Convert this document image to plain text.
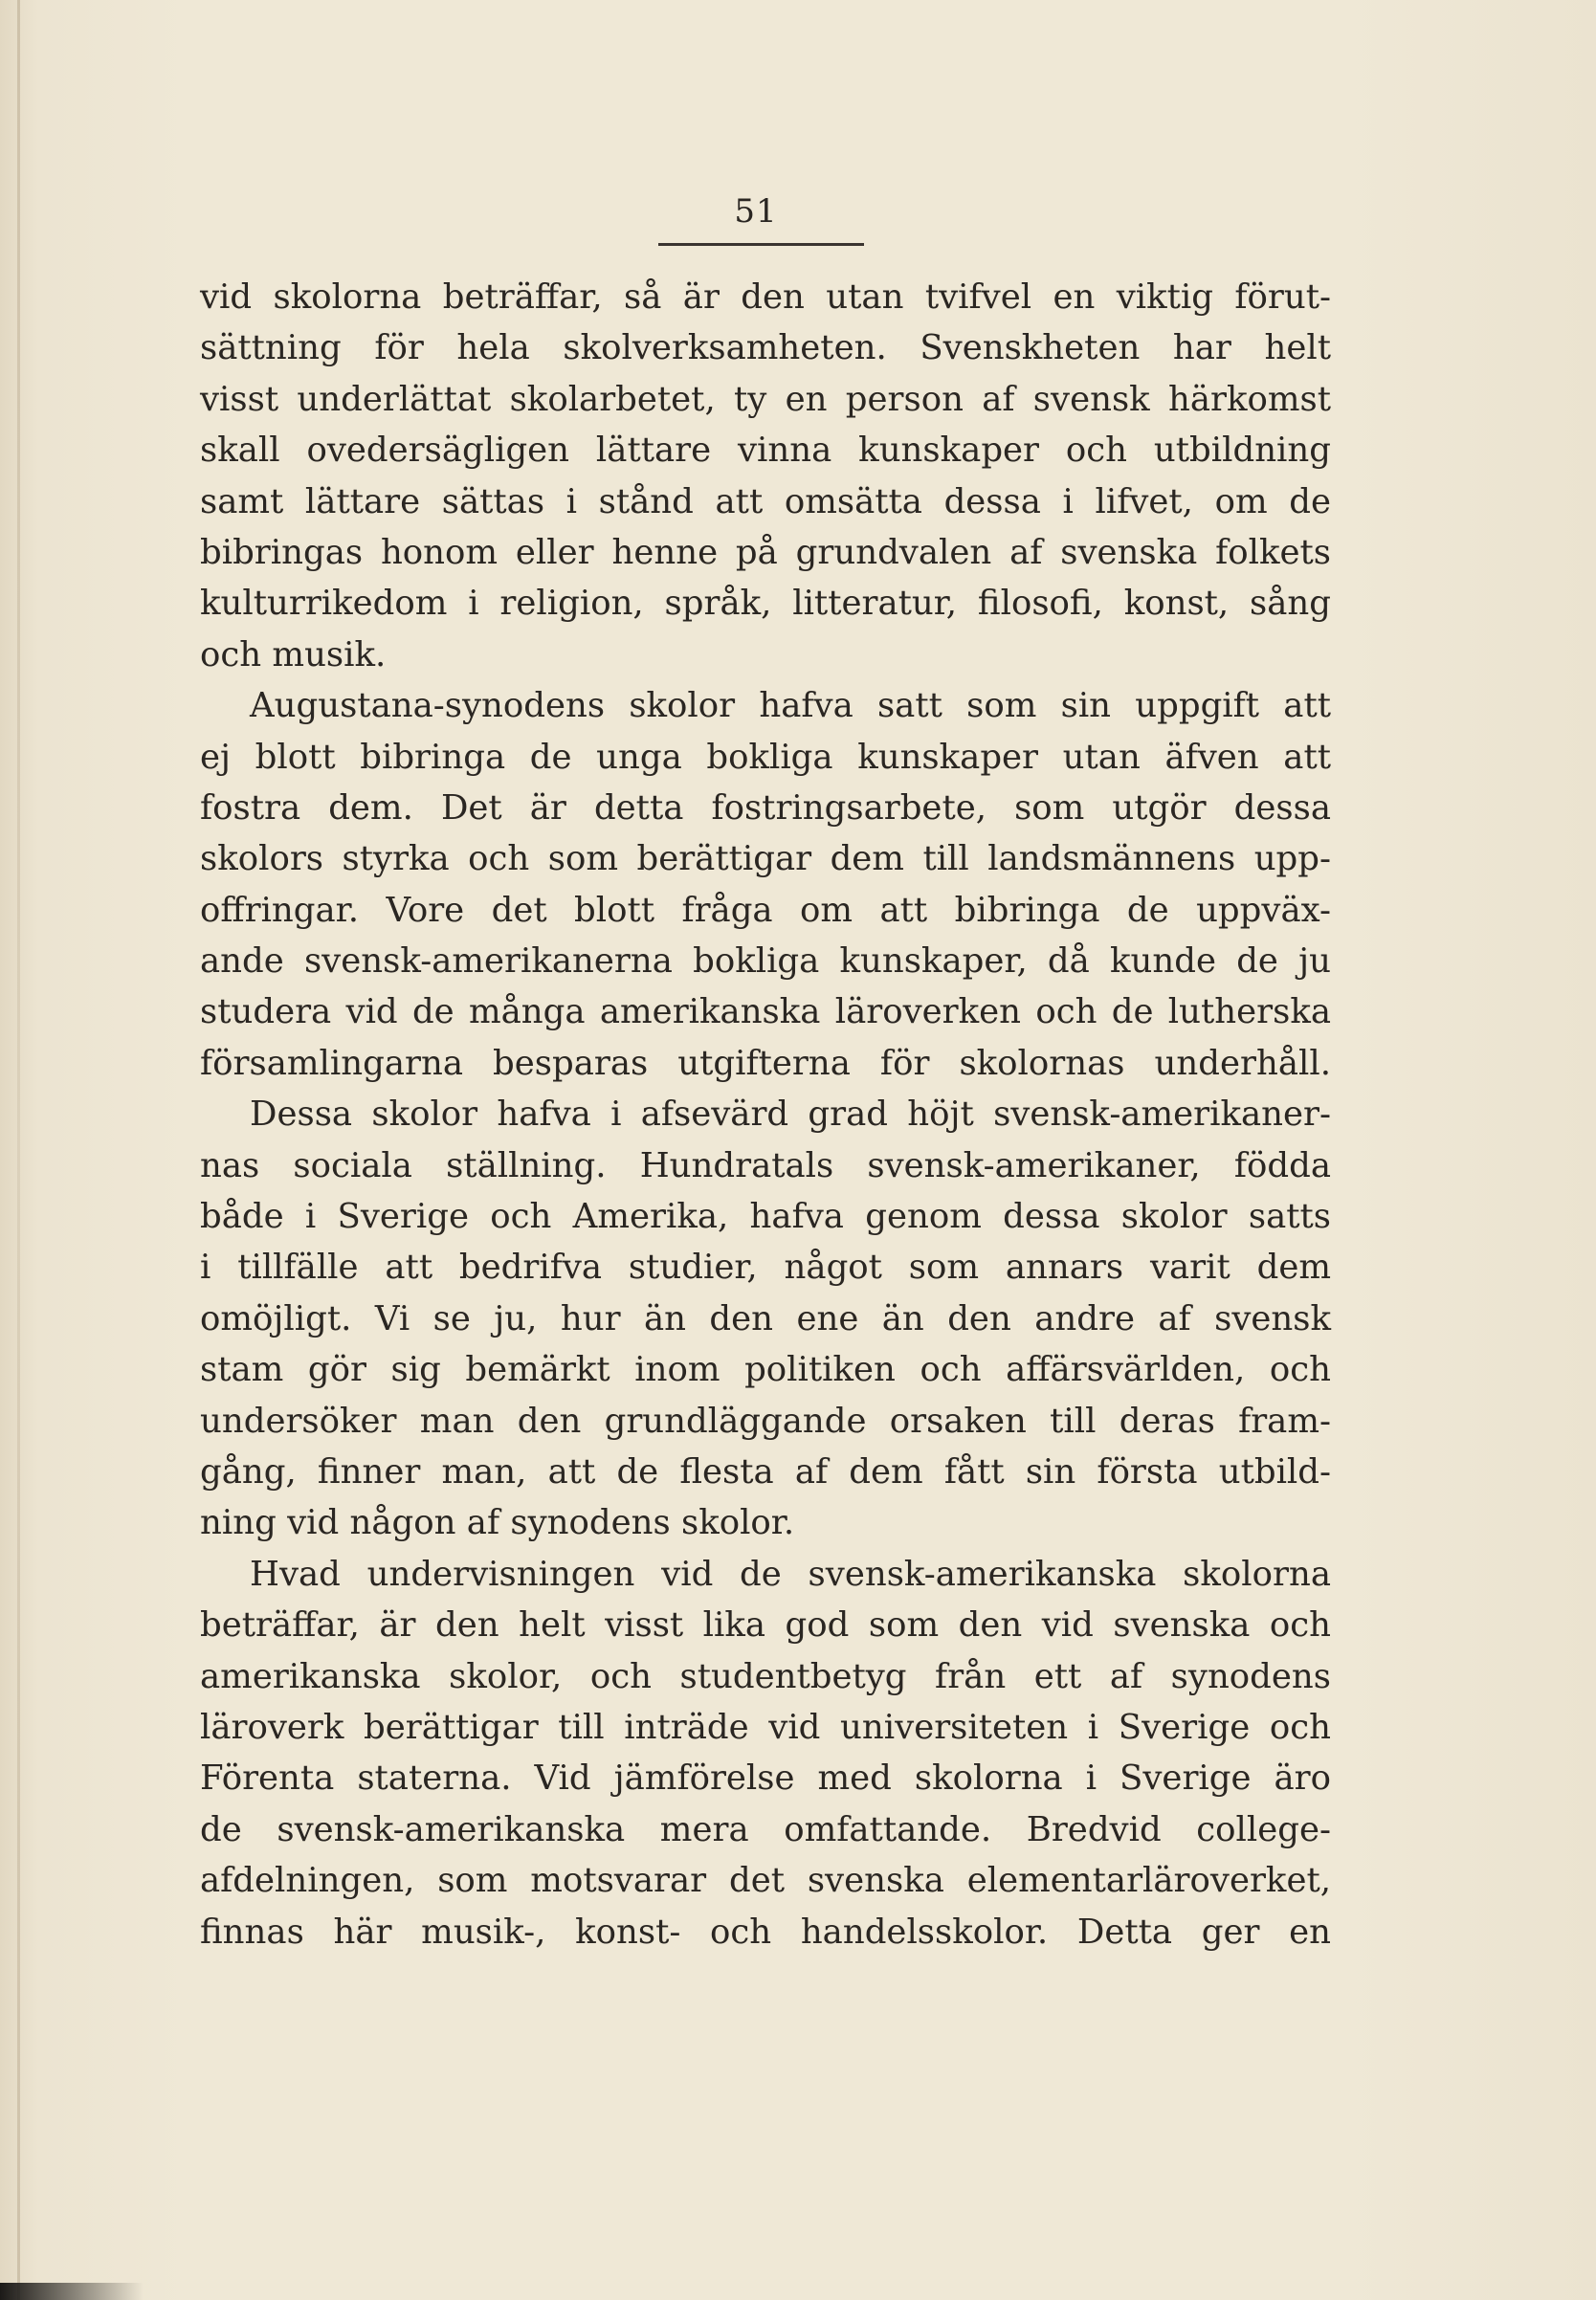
51
vid skolorna beträffar, så är den utan tvifvel en viktig förut-
sättning för hela skolverksamheten. Svenskheten har helt
visst underlättat skolarbetet, ty en person af svensk härkomst
skall ovedersägligen lättare vinna kunskaper och utbildning
samt lättare sättas i stånd att omsätta dessa i lifvet, om de
bibringas honom eller henne på grundvalen af svenska folkets
kulturrikedom i religion, språk, litteratur, filosofi, konst, sång
och musik.
Augustana-synodens skolor hafva satt som sin uppgift att
ej blott bibringa de unga bokliga kunskaper utan äfven att
fostra dem. Det är detta fostringsarbete, som utgör dessa
skolors styrka och som berättigar dem till landsmännens upp-
offringar. Vore det blott fråga om att bibringa de uppväx-
ande svensk-amerikanerna bokliga kunskaper, då kunde de ju
studera vid de många amerikanska läroverken och de lutherska
församlingarna besparas utgifterna för skolornas underhåll.
Dessa skolor hafva i afsevärd grad höjt svensk-amerikaner-
nas sociala ställning. Hundratals svensk-amerikaner, födda
både i Sverige och Amerika, hafva genom dessa skolor satts
i tillfälle att bedrifva studier, något som annars varit dem
omöjligt. Vi se ju, hur än den ene än den andre af svensk
stam gör sig bemärkt inom politiken och affärsvärlden, och
undersöker man den grundläggande orsaken till deras fram-
gång, finner man, att de flesta af dem fått sin första utbild-
ning vid någon af synodens skolor.
Hvad undervisningen vid de svensk-amerikanska skolorna
beträffar, är den helt visst lika god som den vid svenska och
amerikanska skolor, och studentbetyg från ett af synodens
läroverk berättigar till inträde vid universiteten i Sverige och
Förenta staterna. Vid jämförelse med skolorna i Sverige äro
de svensk-amerikanska mera omfattande. Bredvid college-
afdelningen, som motsvarar det svenska elementarläroverket,
finnas här musik-, konst- och handelsskolor. Detta ger en
